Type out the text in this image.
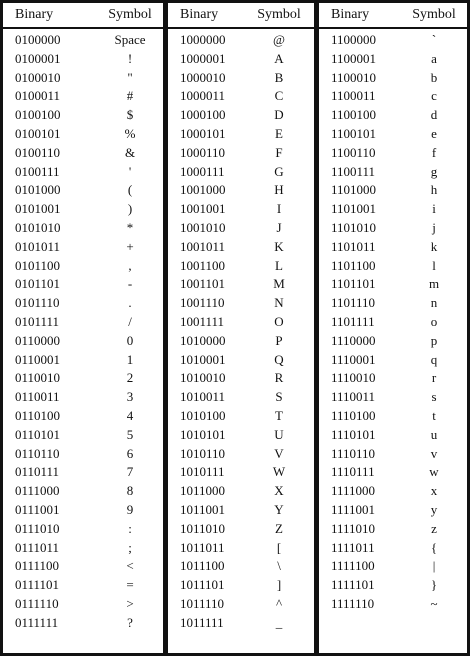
Binary	Symbol
0100000	Space
0100001	!
0100010	"
0100011	#
0100100	$
0100101	%
0100110	&
0100111	'
0101000	(
0101001	)
0101010	*
0101011	+
0101100	,
0101101	-
0101110	.
0101111	/
0110000	0
0110001	1
0110010	2
0110011	3
0110100	4
0110101	5
0110110	6
0110111	7
0111000	8
0111001	9
0111010	:
0111011	;
0111100	<
0111101	=
0111110	>
0111111	?
Binary	Symbol
1000000	@
1000001	A
1000010	B
1000011	C
1000100	D
1000101	E
1000110	F
1000111	G
1001000	H
1001001	I
1001010	J
1001011	K
1001100	L
1001101	M
1001110	N
1001111	O
1010000	P
1010001	Q
1010010	R
1010011	S
1010100	T
1010101	U
1010110	V
1010111	W
1011000	X
1011001	Y
1011010	Z
1011011	[
1011100	\
1011101	]
1011110	^
1011111	_
Binary	Symbol
1100000	`
1100001	a
1100010	b
1100011	c
1100100	d
1100101	e
1100110	f
1100111	g
1101000	h
1101001	i
1101010	j
1101011	k
1101100	l
1101101	m
1101110	n
1101111	o
1110000	p
1110001	q
1110010	r
1110011	s
1110100	t
1110101	u
1110110	v
1110111	w
1111000	x
1111001	y
1111010	z
1111011	{
1111100	|
1111101	}
1111110	~
